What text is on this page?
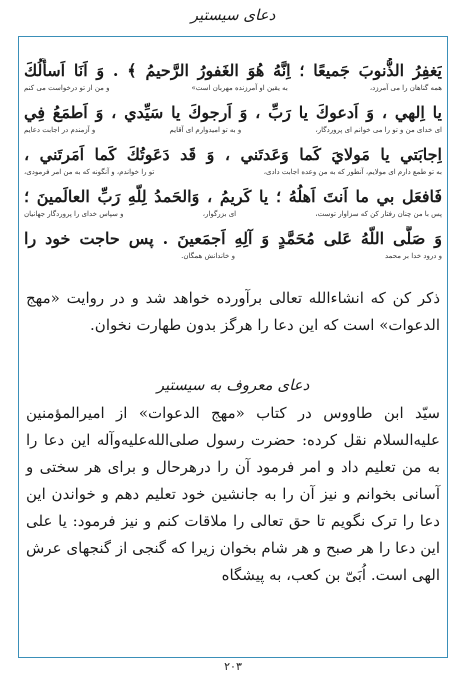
دعای سیستیر
يَغفِرُ الذُّنوبَ جَميعًا ؛ اِنَّهُ هُوَ الغَفورُ الرَّحيمُ ﴾ . وَ اَنَا اَسأَلُكَ
همه گناهان را می آمرزد،
به یقین او آمرزنده مهربان است»
و من از تو درخواست می کنم
يا اِلهي ، وَ اَدعوكَ يا رَبِّ ، وَ اَرجوكَ يا سَيِّدي ، وَ اَطمَعُ فِي
ای خدای من و تو را می خوانم ای پروردگار،
و به تو امیدوارم ای آقایم
و آزمندم در اجابت دعایم
اِجابَتي يا مَولايَ كَما وَعَدتَني ، وَ قَد دَعَوتُكَ كَما اَمَرتَني ،
به تو طمع دارم ای مولایم، آنطور که به من وعده اجابت دادی،
تو را خواندم، و آنگونه که به من امر فرمودی،
فَافعَل بي ما اَنتَ اَهلُهُ ؛ يا كَريمُ ، وَالحَمدُ لِلّهِ رَبِّ العالَمينَ ؛
پس با من چنان رفتار کن که سزاوار توست،
ای بزرگوار،
و سپاس خدای را پروردگار جهانیان
وَ صَلَّى اللّهُ عَلى مُحَمَّدٍ وَ آلِهِ اَجمَعينَ . پس حاجت خود را
و درود خدا بر محمد
و خاندانش همگان.
ذکر کن که انشاءالله تعالی برآورده خواهد شد و در روایت «مهج الدعوات» است که این دعا را هرگز بدون طهارت نخوان.
دعای معروف به سیستیر
سیّد ابن طاووس در کتاب «مهج الدعوات» از امیرالمؤمنین علیه‌السلام نقل کرده: حضرت رسول صلی‌الله‌علیه‌وآله این دعا را به من تعلیم داد و امر فرمود آن را درهرحال و برای هر سختی و آسانی بخوانم و نیز آن را به جانشین خود تعلیم دهم و خواندن این دعا را ترک نگویم تا حق تعالی را ملاقات کنم و نیز فرمود: یا علی این دعا را هر صبح و هر شام بخوان زیرا که گنجی از گنجهای عرش الهی است. اُبَیّ بن کعب، به پیشگاه
۲۰۳
